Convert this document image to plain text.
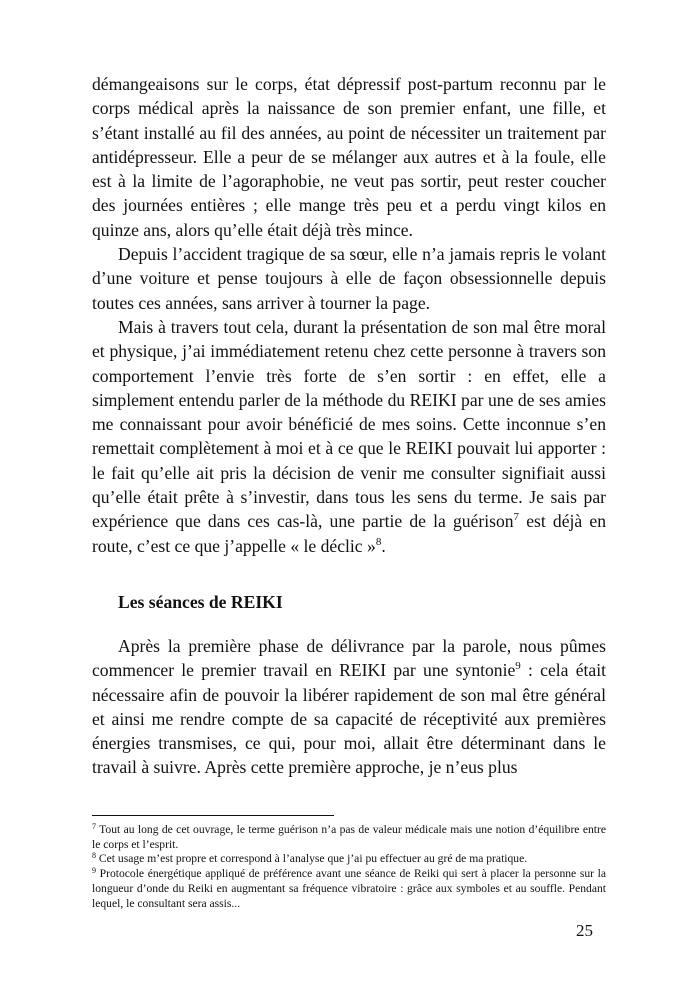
démangeaisons sur le corps, état dépressif post-partum reconnu par le corps médical après la naissance de son premier enfant, une fille, et s’étant installé au fil des années, au point de nécessiter un traitement par antidépresseur. Elle a peur de se mélanger aux autres et à la foule, elle est à la limite de l’agoraphobie, ne veut pas sortir, peut rester coucher des journées entières ; elle mange très peu et a perdu vingt kilos en quinze ans, alors qu’elle était déjà très mince.

Depuis l’accident tragique de sa sœur, elle n’a jamais repris le volant d’une voiture et pense toujours à elle de façon obsessionnelle depuis toutes ces années, sans arriver à tourner la page.

Mais à travers tout cela, durant la présentation de son mal être moral et physique, j’ai immédiatement retenu chez cette personne à travers son comportement l’envie très forte de s’en sortir : en effet, elle a simplement entendu parler de la méthode du REIKI par une de ses amies me connaissant pour avoir bénéficié de mes soins. Cette inconnue s’en remettait complètement à moi et à ce que le REIKI pouvait lui apporter : le fait qu’elle ait pris la décision de venir me consulter signifiait aussi qu’elle était prête à s’investir, dans tous les sens du terme. Je sais par expérience que dans ces cas-là, une partie de la guérison$^7$ est déjà en route, c’est ce que j’appelle « le déclic »$^8$.

Les séances de REIKI

Après la première phase de délivrance par la parole, nous pûmes commencer le premier travail en REIKI par une syntonie$^9$ : cela était nécessaire afin de pouvoir la libérer rapidement de son mal être général et ainsi me rendre compte de sa capacité de réceptivité aux premières énergies transmises, ce qui, pour moi, allait être déterminant dans le travail à suivre. Après cette première approche, je n’eus plus

$^7$ Tout au long de cet ouvrage, le terme guérison n’a pas de valeur médicale mais une notion d’équilibre entre le corps et l’esprit.

$^8$ Cet usage m’est propre et correspond à l’analyse que j’ai pu effectuer au gré de ma pratique.

$^9$ Protocole énergétique appliqué de préférence avant une séance de Reiki qui sert à placer la personne sur la longueur d’onde du Reiki en augmentant sa fréquence vibratoire : grâce aux symboles et au souffle. Pendant lequel, le consultant sera assis...

25
